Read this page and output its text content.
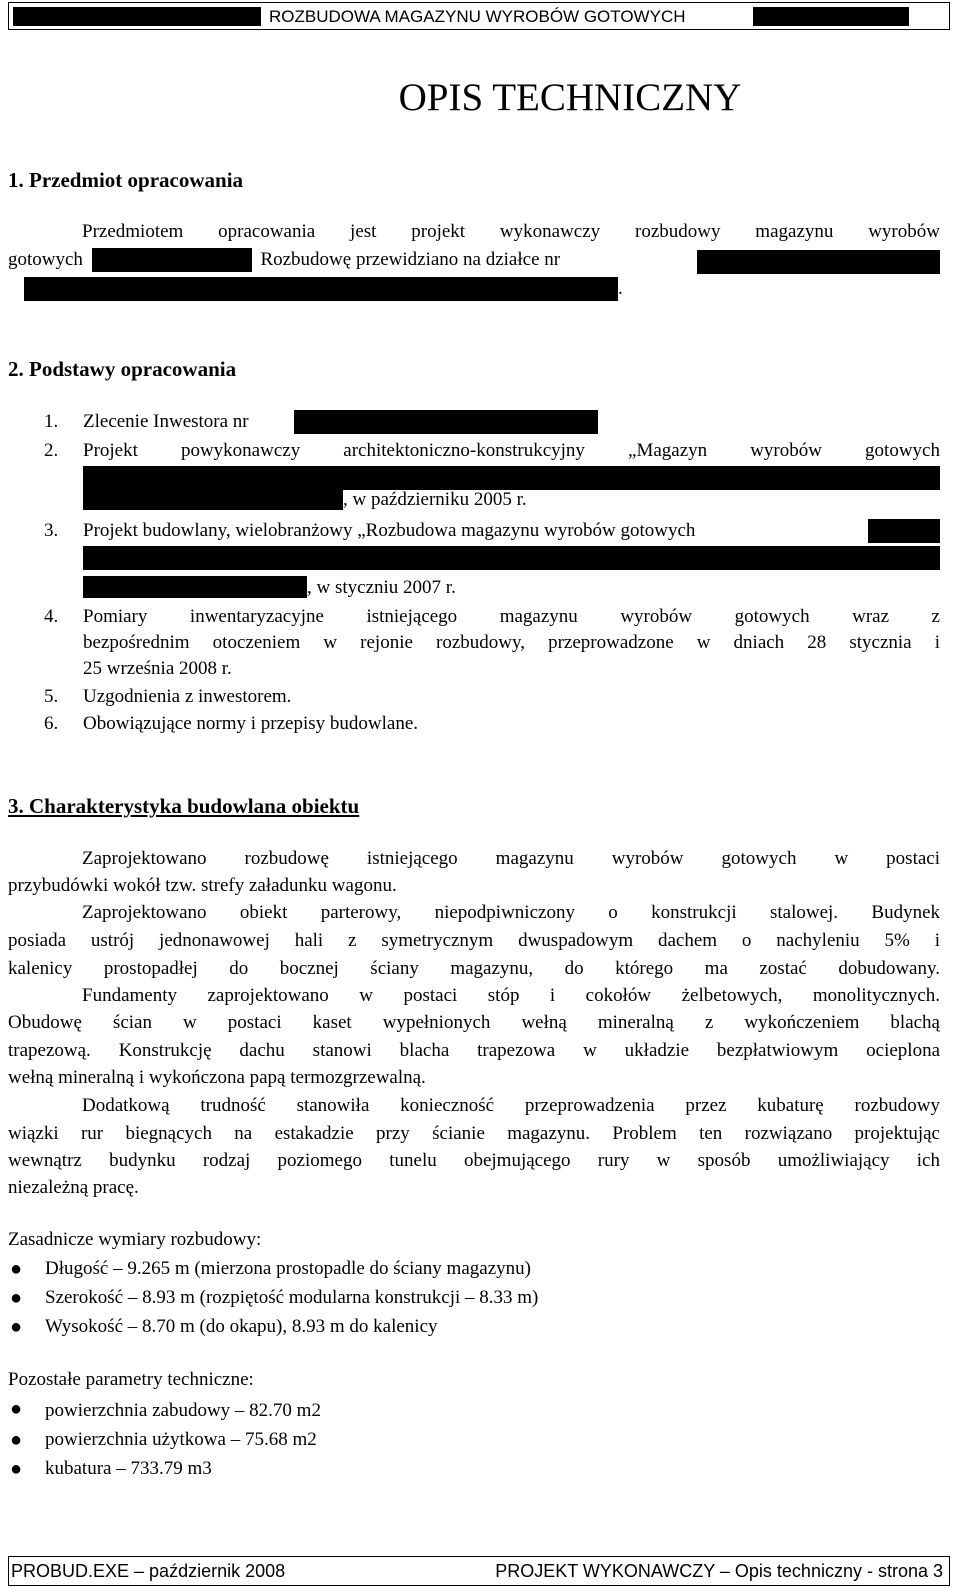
ROZBUDOWA MAGAZYNU WYROBÓW GOTOWYCH
OPIS TECHNICZNY
1. Przedmiot opracowania
Przedmiotem opracowania jest projekt wykonawczy rozbudowy magazynu wyrobów
gotowych	Rozbudowę przewidziano na działce nr
.
2. Podstawy opracowania
1. Zlecenie Inwestora nr
2. Projekt powykonawczy architektoniczno-konstrukcyjny „Magazyn wyrobów gotowych
, w październiku 2005 r.
3. Projekt budowlany, wielobranżowy „Rozbudowa magazynu wyrobów gotowych
, w styczniu 2007 r.
4. Pomiary inwentaryzacyjne istniejącego magazynu wyrobów gotowych wraz z
bezpośrednim otoczeniem w rejonie rozbudowy, przeprowadzone w dniach 28 stycznia i
25 września 2008 r.
5. Uzgodnienia z inwestorem.
6. Obowiązujące normy i przepisy budowlane.
3. Charakterystyka budowlana obiektu
Zaprojektowano rozbudowę istniejącego magazynu wyrobów gotowych w postaci
przybudówki wokół tzw. strefy załadunku wagonu.
Zaprojektowano obiekt parterowy, niepodpiwniczony o konstrukcji stalowej. Budynek
posiada ustrój jednonawowej hali z symetrycznym dwuspadowym dachem o nachyleniu 5% i
kalenicy prostopadłej do bocznej ściany magazynu, do którego ma zostać dobudowany.
Fundamenty zaprojektowano w postaci stóp i cokołów żelbetowych, monolitycznych.
Obudowę ścian w postaci kaset wypełnionych wełną mineralną z wykończeniem blachą
trapezową. Konstrukcję dachu stanowi blacha trapezowa w układzie bezpłatwiowym ocieplona
wełną mineralną i wykończona papą termozgrzewalną.
Dodatkową trudność stanowiła konieczność przeprowadzenia przez kubaturę rozbudowy
wiązki rur biegnących na estakadzie przy ścianie magazynu. Problem ten rozwiązano projektując
wewnątrz budynku rodzaj poziomego tunelu obejmującego rury w sposób umożliwiający ich
niezależną pracę.
Zasadnicze wymiary rozbudowy:
● Długość – 9.265 m (mierzona prostopadle do ściany magazynu)
● Szerokość – 8.93 m (rozpiętość modularna konstrukcji – 8.33 m)
● Wysokość – 8.70 m (do okapu), 8.93 m do kalenicy
Pozostałe parametry techniczne:
● powierzchnia zabudowy – 82.70 m2
● powierzchnia użytkowa – 75.68 m2
● kubatura – 733.79 m3
PROBUD.EXE – październik 2008	PROJEKT WYKONAWCZY – Opis techniczny - strona 3
